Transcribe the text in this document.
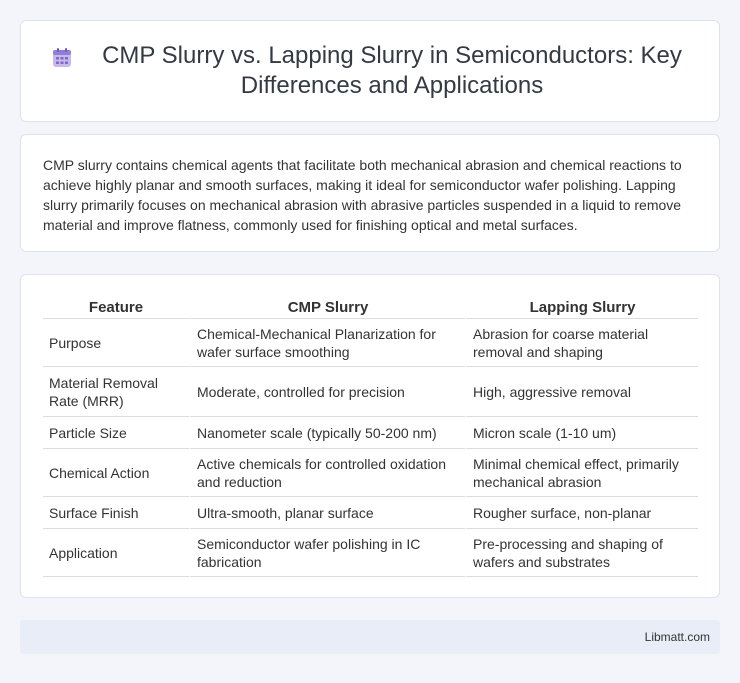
CMP Slurry vs. Lapping Slurry in Semiconductors: Key Differences and Applications

CMP slurry contains chemical agents that facilitate both mechanical abrasion and chemical reactions to achieve highly planar and smooth surfaces, making it ideal for semiconductor wafer polishing. Lapping slurry primarily focuses on mechanical abrasion with abrasive particles suspended in a liquid to remove material and improve flatness, commonly used for finishing optical and metal surfaces.

Feature	CMP Slurry	Lapping Slurry
Purpose	Chemical-Mechanical Planarization for wafer surface smoothing	Abrasion for coarse material removal and shaping
Material Removal Rate (MRR)	Moderate, controlled for precision	High, aggressive removal
Particle Size	Nanometer scale (typically 50-200 nm)	Micron scale (1-10 um)
Chemical Action	Active chemicals for controlled oxidation and reduction	Minimal chemical effect, primarily mechanical abrasion
Surface Finish	Ultra-smooth, planar surface	Rougher surface, non-planar
Application	Semiconductor wafer polishing in IC fabrication	Pre-processing and shaping of wafers and substrates
Libmatt.com
